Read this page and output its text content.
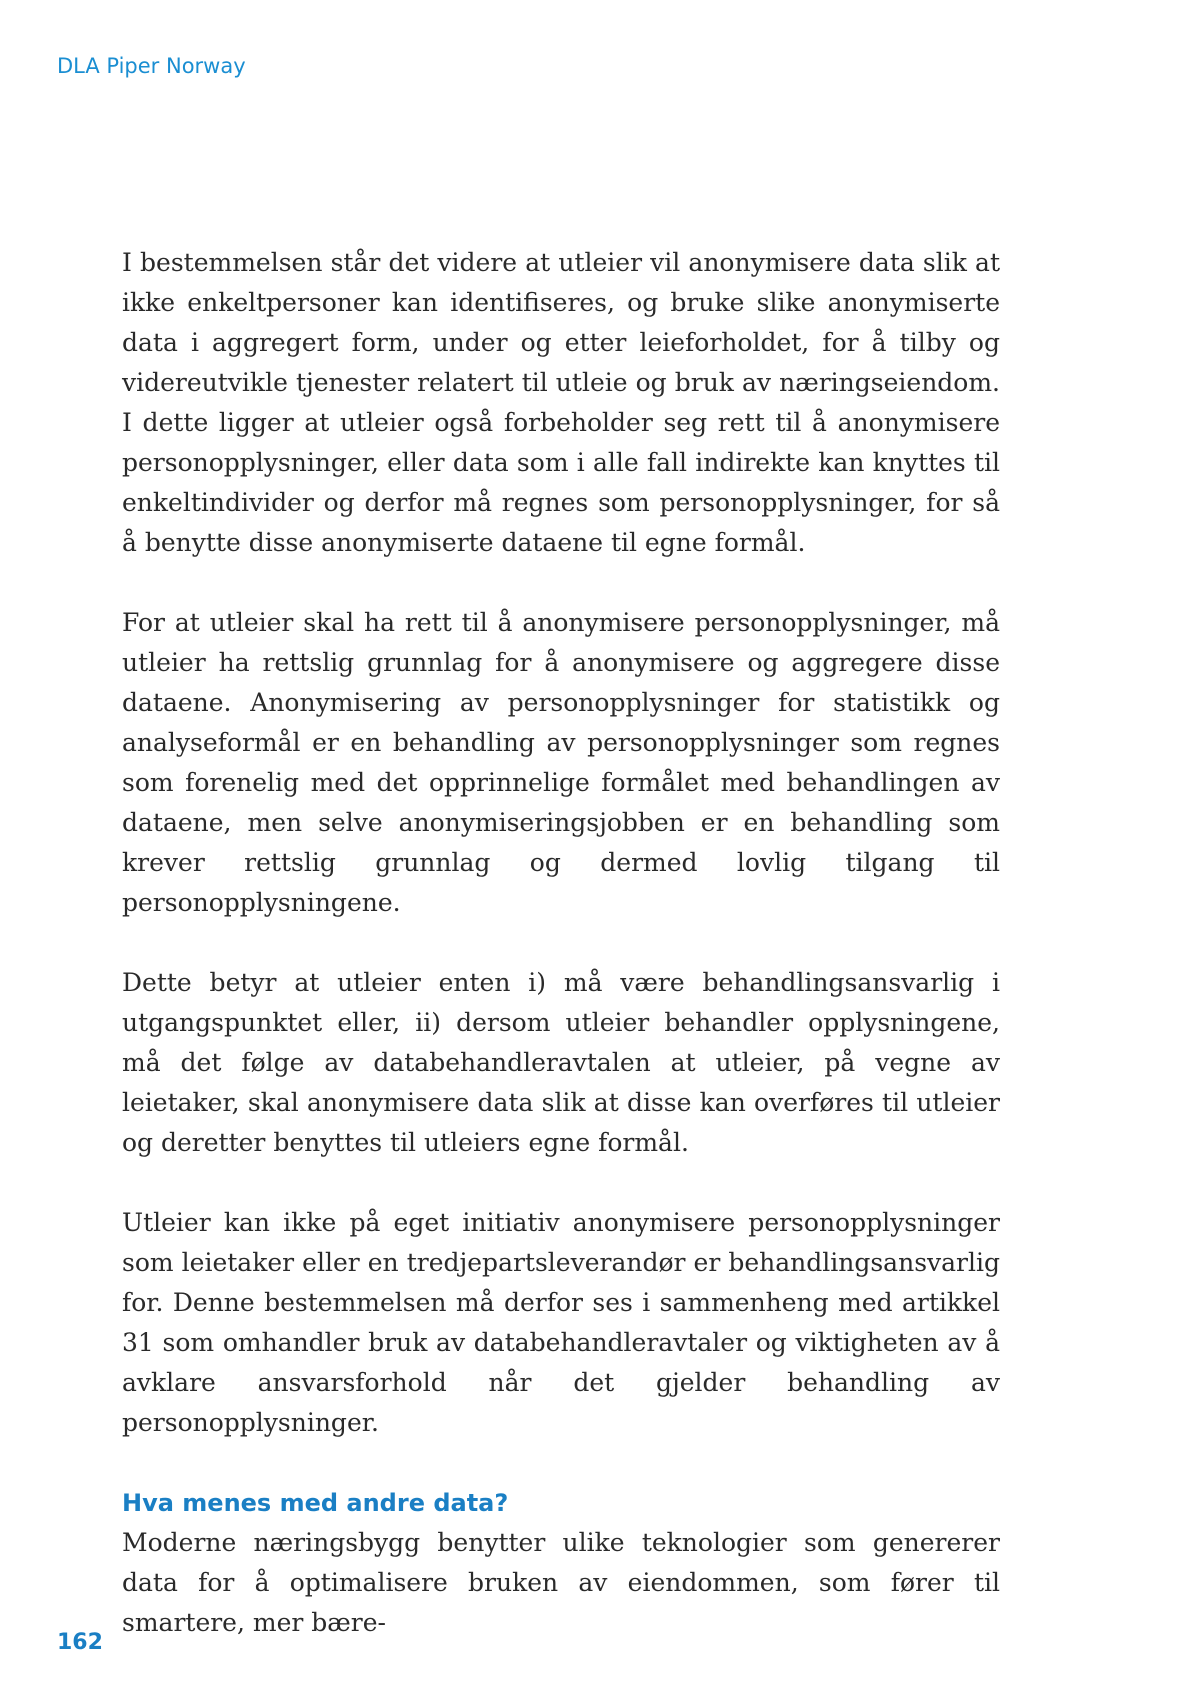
DLA Piper Norway

I bestemmelsen står det videre at utleier vil anonymisere data slik at ikke enkeltpersoner kan identifiseres, og bruke slike anonymiserte data i aggregert form, under og etter leieforholdet, for å tilby og videreutvikle tjenester relatert til utleie og bruk av næringseiendom. I dette ligger at utleier også forbeholder seg rett til å anonymisere personopplysninger, eller data som i alle fall indirekte kan knyttes til enkeltindivider og derfor må regnes som personopplysninger, for så å benytte disse anonymiserte dataene til egne formål.

For at utleier skal ha rett til å anonymisere personopplysninger, må utleier ha rettslig grunnlag for å anonymisere og aggregere disse dataene. Anonymisering av personopplysninger for statistikk og analyseformål er en behandling av personopplysninger som regnes som forenelig med det opprinnelige formålet med behandlingen av dataene, men selve anonymiseringsjobben er en behandling som krever rettslig grunnlag og dermed lovlig tilgang til personopplysningene.

Dette betyr at utleier enten i) må være behandlingsansvarlig i utgangspunktet eller, ii) dersom utleier behandler opplysningene, må det følge av databehandleravtalen at utleier, på vegne av leietaker, skal anonymisere data slik at disse kan overføres til utleier og deretter benyttes til utleiers egne formål.

Utleier kan ikke på eget initiativ anonymisere personopplysninger som leietaker eller en tredjepartsleverandør er behandlingsansvarlig for. Denne bestemmelsen må derfor ses i sammenheng med artikkel 31 som omhandler bruk av databehandleravtaler og viktigheten av å avklare ansvarsforhold når det gjelder behandling av personopplysninger.

Hva menes med andre data?

Moderne næringsbygg benytter ulike teknologier som genererer data for å optimalisere bruken av eiendommen, som fører til smartere, mer bære-

162
